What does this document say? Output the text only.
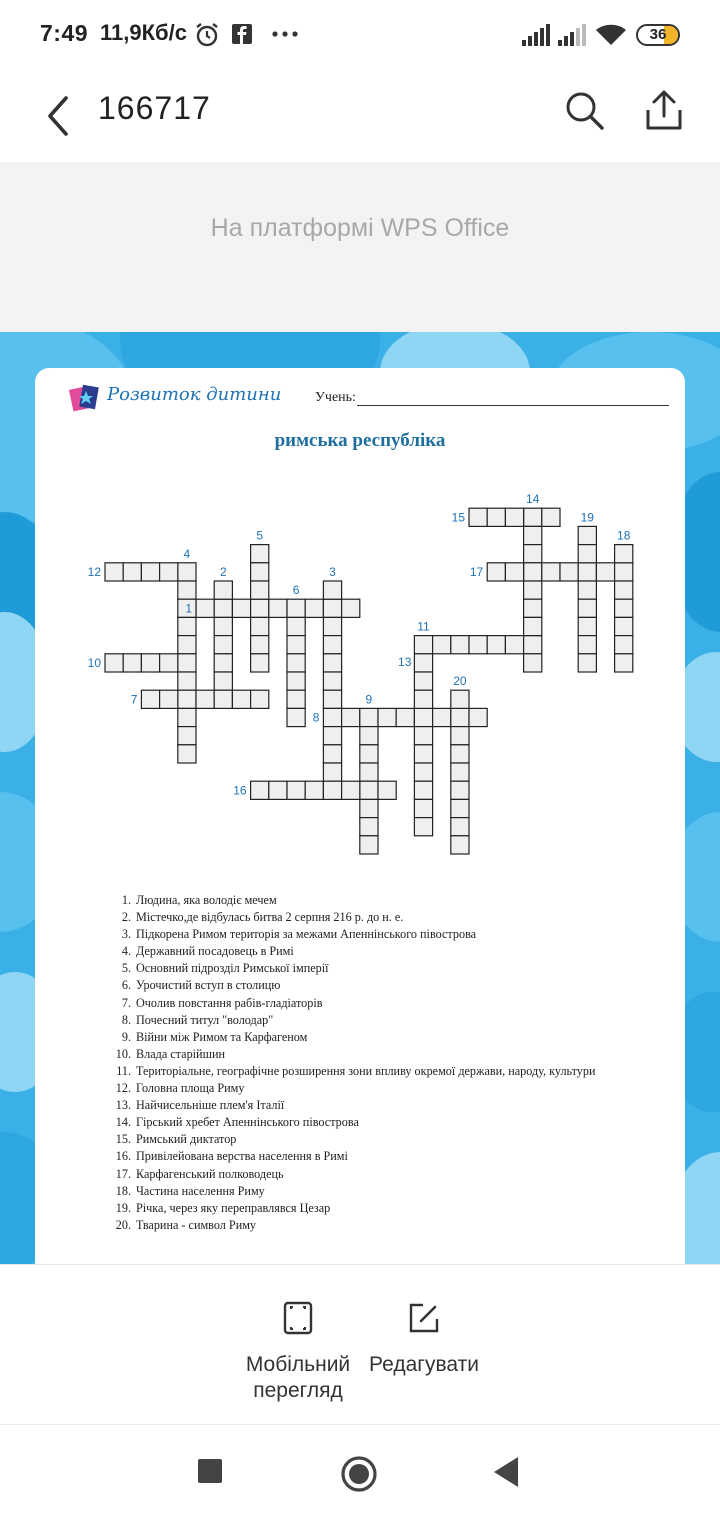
7:49 11,9Кб/с	36
166717
На платформі WPS Office
Розвиток дитини Учень:
римська республіка
1
2	3
4
5
6
7
8
9
10
11
12
13
14
15
16
17
18
19
20
1. Людина, яка володіє мечем
2. Містечко,де відбулась битва 2 серпня 216 р. до н. е.
3. Підкорена Римом територія за межами Апеннінського півострова
4. Державний посадовець в Римі
5. Основний підрозділ Римської імперії
6. Урочистий вступ в столицю
7. Очолив повстання рабів-гладіаторів
8. Почесний титул "володар"
9. Війни між Римом та Карфагеном
10. Влада старійшин
11. Територіальне, географічне розширення зони впливу окремої держави, народу, культури
12. Головна площа Риму
13. Найчисельніше плем'я Італії
14. Гірський хребет Апеннінського півострова
15. Римський диктатор
16. Привілейована верства населення в Римі
17. Карфагенський полководець
18. Частина населення Риму
19. Річка, через яку переправлявся Цезар
20. Тварина - символ Риму
Мобільний
перегляд
Редагувати
